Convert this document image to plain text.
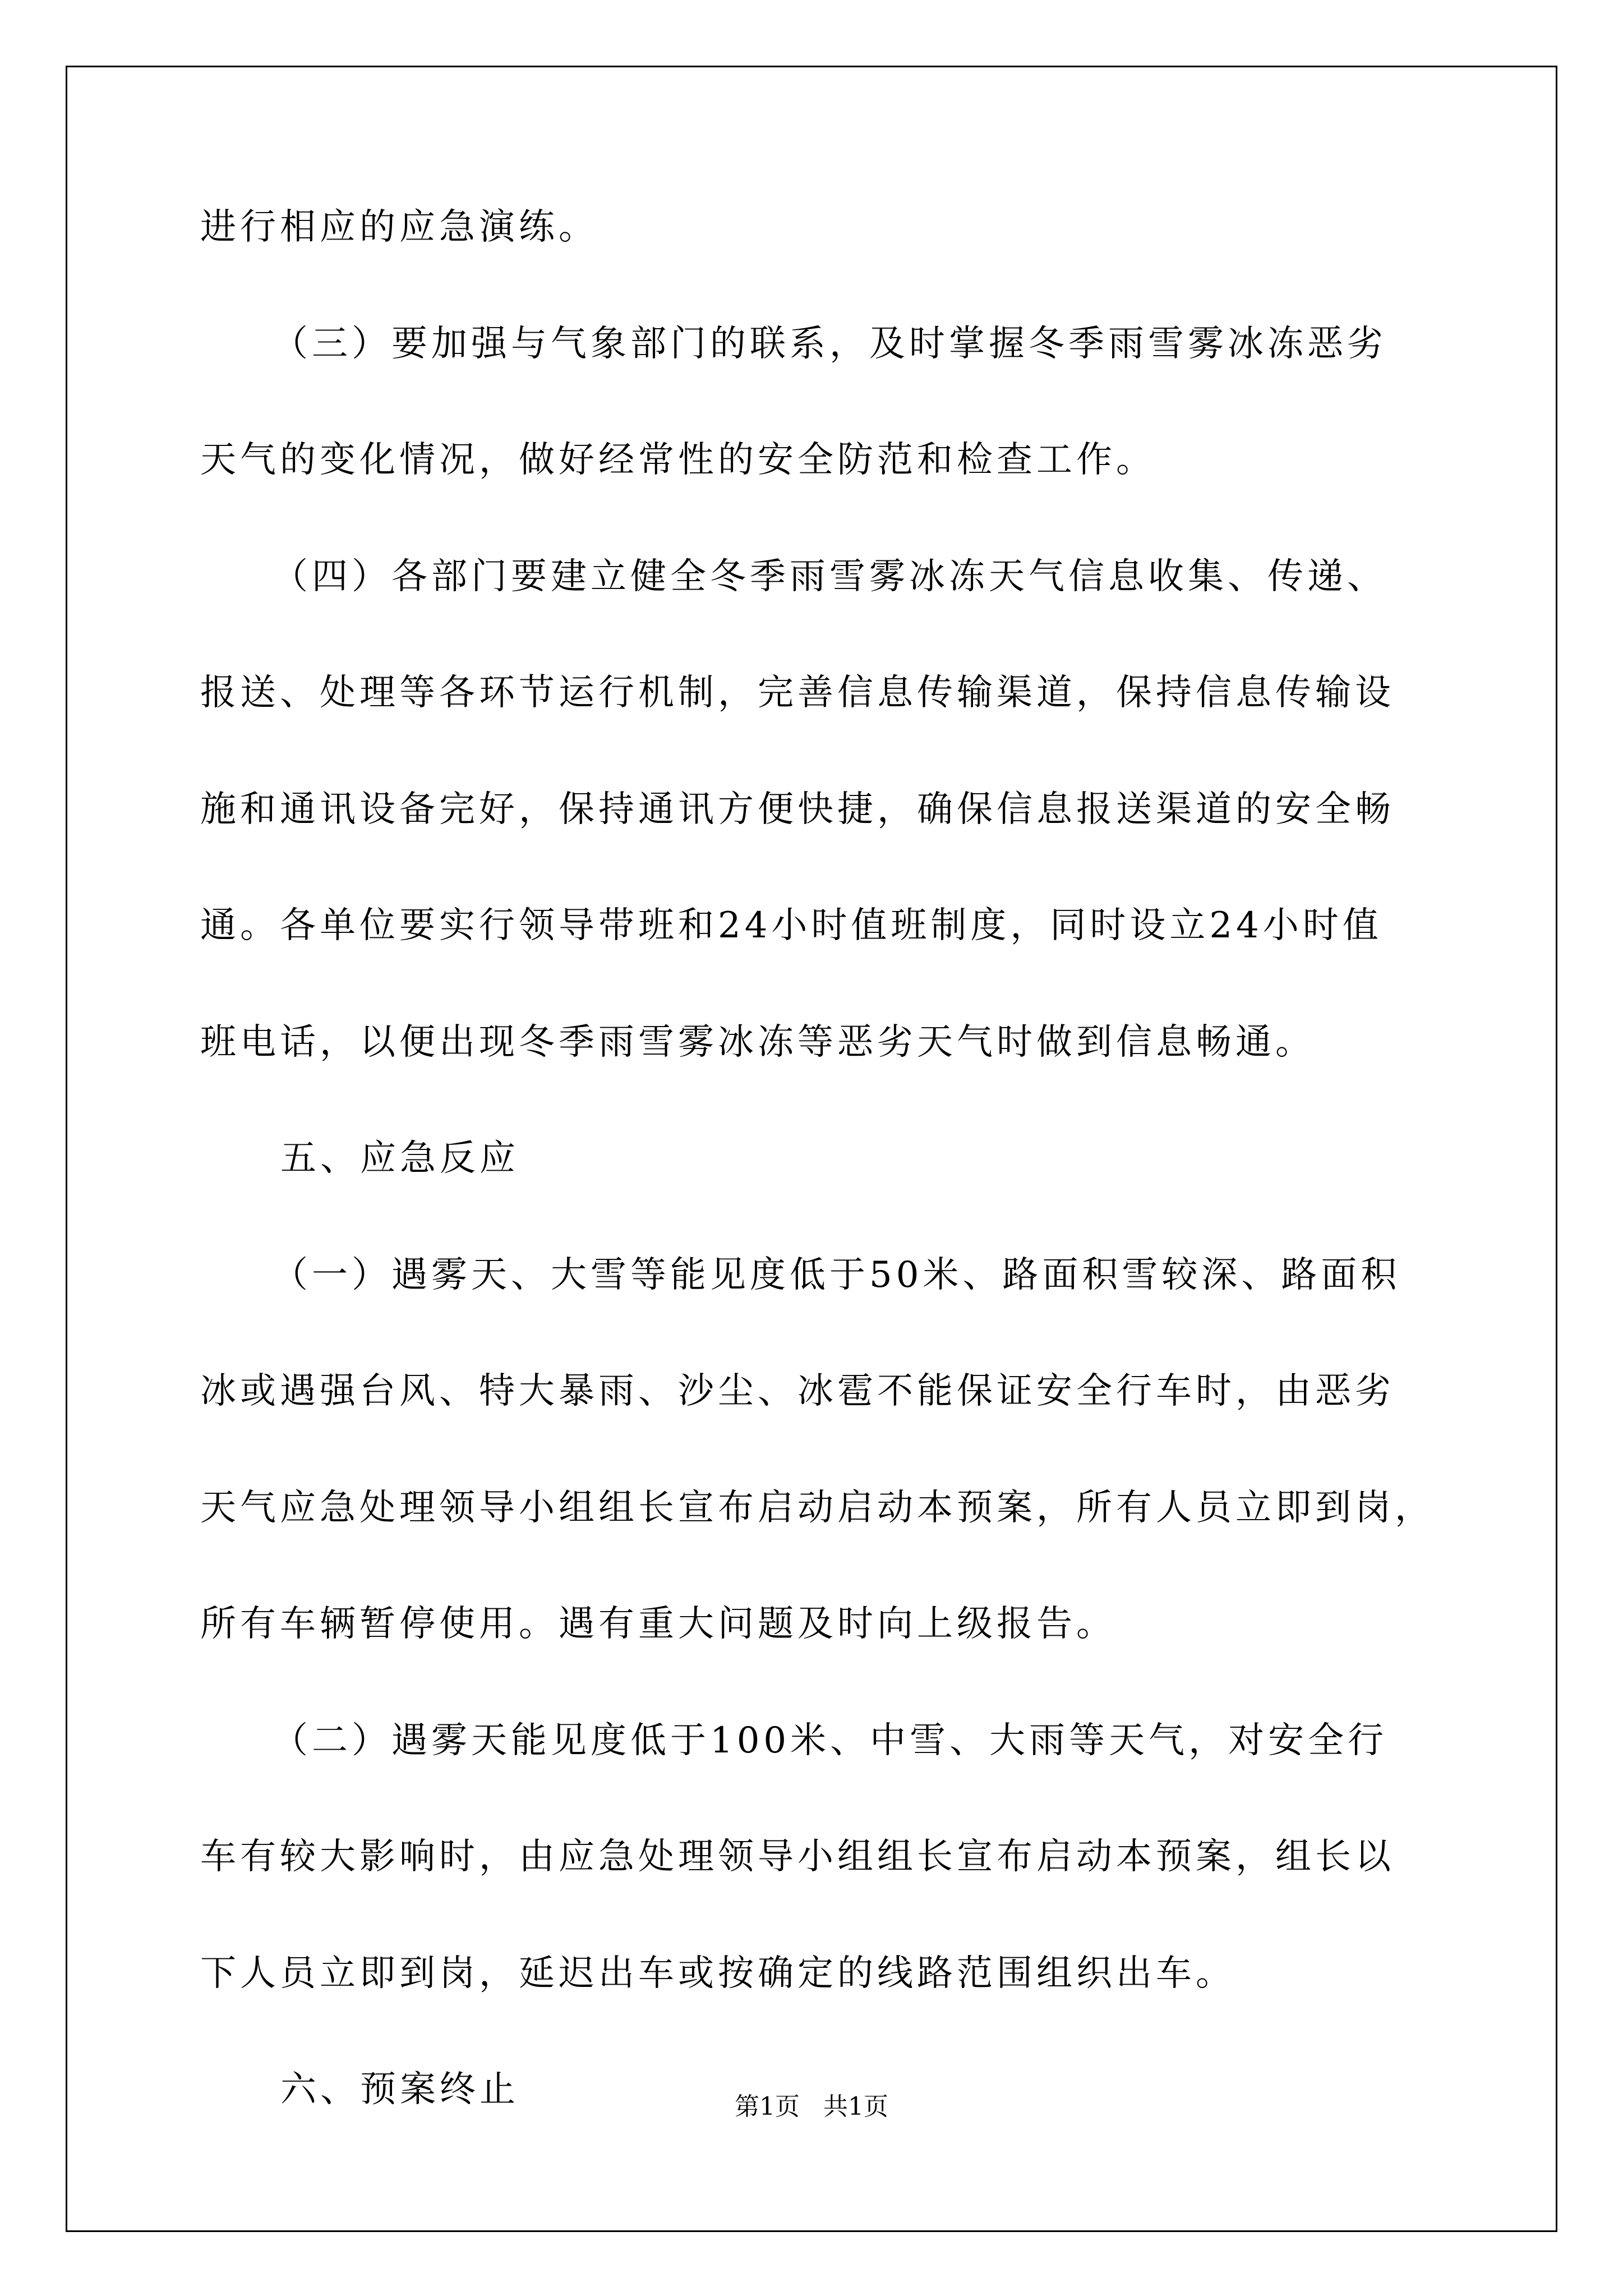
进行相应的应急演练。
（三）要加强与气象部门的联系，及时掌握冬季雨雪雾冰冻恶劣
天气的变化情况，做好经常性的安全防范和检查工作。
（四）各部门要建立健全冬季雨雪雾冰冻天气信息收集、传递、
报送、处理等各环节运行机制，完善信息传输渠道，保持信息传输设
施和通讯设备完好，保持通讯方便快捷，确保信息报送渠道的安全畅
通。各单位要实行领导带班和24小时值班制度，同时设立24小时值
班电话，以便出现冬季雨雪雾冰冻等恶劣天气时做到信息畅通。
五、应急反应
（一）遇雾天、大雪等能见度低于50米、路面积雪较深、路面积
冰或遇强台风、特大暴雨、沙尘、冰雹不能保证安全行车时，由恶劣
天气应急处理领导小组组长宣布启动启动本预案，所有人员立即到岗，
所有车辆暂停使用。遇有重大问题及时向上级报告。
（二）遇雾天能见度低于100米、中雪、大雨等天气，对安全行
车有较大影响时，由应急处理领导小组组长宣布启动本预案，组长以
下人员立即到岗，延迟出车或按确定的线路范围组织出车。
六、预案终止	第1页   共1页
